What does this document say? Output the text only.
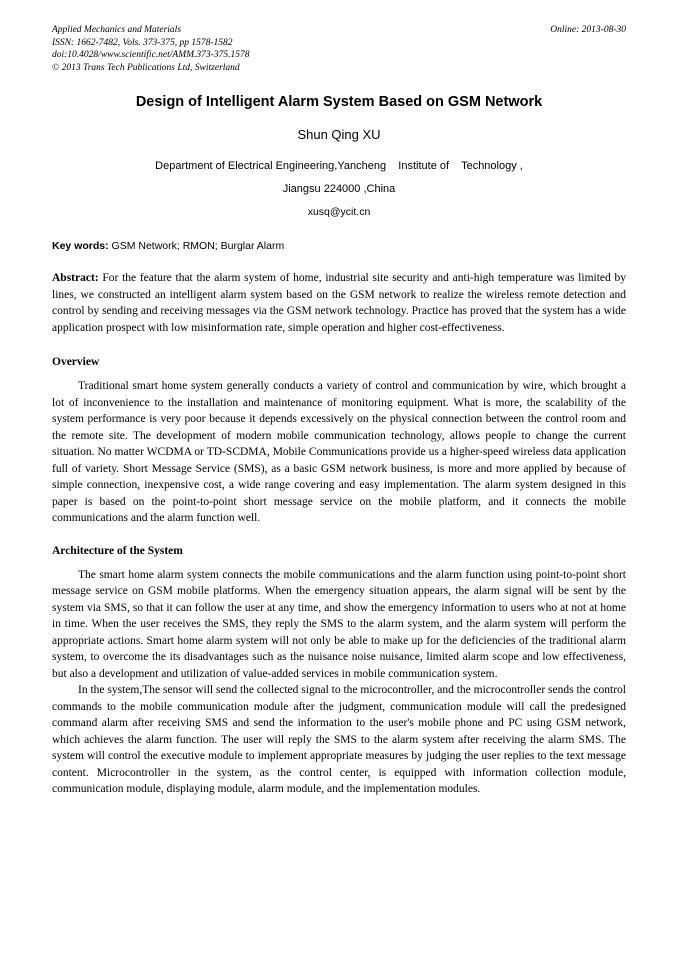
Applied Mechanics and Materials
ISSN: 1662-7482, Vols. 373-375, pp 1578-1582
doi:10.4028/www.scientific.net/AMM.373-375.1578
© 2013 Trans Tech Publications Ltd, Switzerland
Online: 2013-08-30
Design of Intelligent Alarm System Based on GSM Network
Shun Qing XU
Department of Electrical Engineering,Yancheng    Institute of    Technology ,
Jiangsu 224000 ,China
xusq@ycit.cn
Key words: GSM Network; RMON; Burglar Alarm
Abstract: For the feature that the alarm system of home, industrial site security and anti-high temperature was limited by lines, we constructed an intelligent alarm system based on the GSM network to realize the wireless remote detection and control by sending and receiving messages via the GSM network technology. Practice has proved that the system has a wide application prospect with low misinformation rate, simple operation and higher cost-effectiveness.
Overview

Traditional smart home system generally conducts a variety of control and communication by wire, which brought a lot of inconvenience to the installation and maintenance of monitoring equipment. What is more, the scalability of the system performance is very poor because it depends excessively on the physical connection between the control room and the remote site. The development of modern mobile communication technology, allows people to change the current situation. No matter WCDMA or TD-SCDMA, Mobile Communications provide us a higher-speed wireless data application full of variety. Short Message Service (SMS), as a basic GSM network business, is more and more applied by because of simple connection, inexpensive cost, a wide range covering and easy implementation. The alarm system designed in this paper is based on the point-to-point short message service on the mobile platform, and it connects the mobile communications and the alarm function well.

Architecture of the System

The smart home alarm system connects the mobile communications and the alarm function using point-to-point short message service on GSM mobile platforms. When the emergency situation appears, the alarm signal will be sent by the system via SMS, so that it can follow the user at any time, and show the emergency information to users who at not at home in time. When the user receives the SMS, they reply the SMS to the alarm system, and the alarm system will perform the appropriate actions. Smart home alarm system will not only be able to make up for the deficiencies of the traditional alarm system, to overcome the its disadvantages such as the nuisance noise nuisance, limited alarm scope and low effectiveness, but also a development and utilization of value-added services in mobile communication system.

In the system,The sensor will send the collected signal to the microcontroller, and the microcontroller sends the control commands to the mobile communication module after the judgment, communication module will call the predesigned command alarm after receiving SMS and send the information to the user's mobile phone and PC using GSM network, which achieves the alarm function. The user will reply the SMS to the alarm system after receiving the alarm SMS. The system will control the executive module to implement appropriate measures by judging the user replies to the text message content. Microcontroller in the system, as the control center, is equipped with information collection module, communication module, displaying module, alarm module, and the implementation modules.
